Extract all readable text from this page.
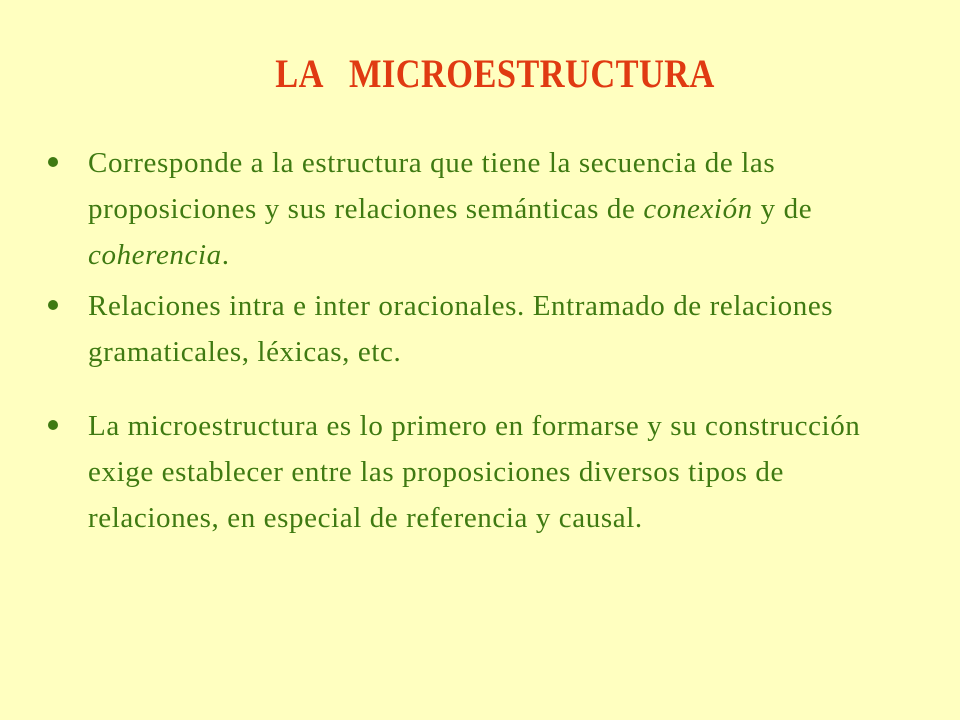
LA   MICROESTRUCTURA
Corresponde a la estructura que tiene la secuencia de las proposiciones y sus relaciones semánticas de conexión y de coherencia.
Relaciones intra e inter oracionales. Entramado de relaciones gramaticales, léxicas, etc.
La microestructura es lo primero en formarse y su construcción exige establecer entre las proposiciones diversos tipos de relaciones, en especial de referencia y causal.
